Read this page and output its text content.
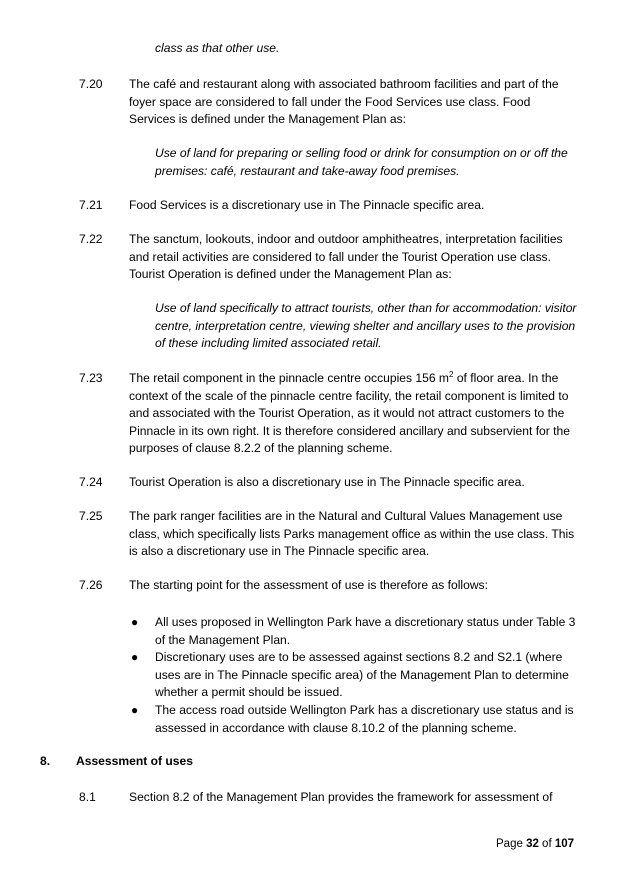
class as that other use.

7.20 The café and restaurant along with associated bathroom facilities and part of the foyer space are considered to fall under the Food Services use class. Food Services is defined under the Management Plan as:

Use of land for preparing or selling food or drink for consumption on or off the premises: café, restaurant and take-away food premises.

7.21 Food Services is a discretionary use in The Pinnacle specific area.

7.22 The sanctum, lookouts, indoor and outdoor amphitheatres, interpretation facilities and retail activities are considered to fall under the Tourist Operation use class. Tourist Operation is defined under the Management Plan as:

Use of land specifically to attract tourists, other than for accommodation: visitor centre, interpretation centre, viewing shelter and ancillary uses to the provision of these including limited associated retail.

7.23 The retail component in the pinnacle centre occupies 156 $m^2$ of floor area. In the context of the scale of the pinnacle centre facility, the retail component is limited to and associated with the Tourist Operation, as it would not attract customers to the Pinnacle in its own right. It is therefore considered ancillary and subservient for the purposes of clause 8.2.2 of the planning scheme.

7.24 Tourist Operation is also a discretionary use in The Pinnacle specific area.

7.25 The park ranger facilities are in the Natural and Cultural Values Management use class, which specifically lists Parks management office as within the use class. This is also a discretionary use in The Pinnacle specific area.

7.26 The starting point for the assessment of use is therefore as follows:

● All uses proposed in Wellington Park have a discretionary status under Table 3 of the Management Plan.

● Discretionary uses are to be assessed against sections 8.2 and S2.1 (where uses are in The Pinnacle specific area) of the Management Plan to determine whether a permit should be issued.

● The access road outside Wellington Park has a discretionary use status and is assessed in accordance with clause 8.10.2 of the planning scheme.

8. Assessment of uses
8.1	Section 8.2 of the Management Plan provides the framework for assessment of

Page 32 of 107
